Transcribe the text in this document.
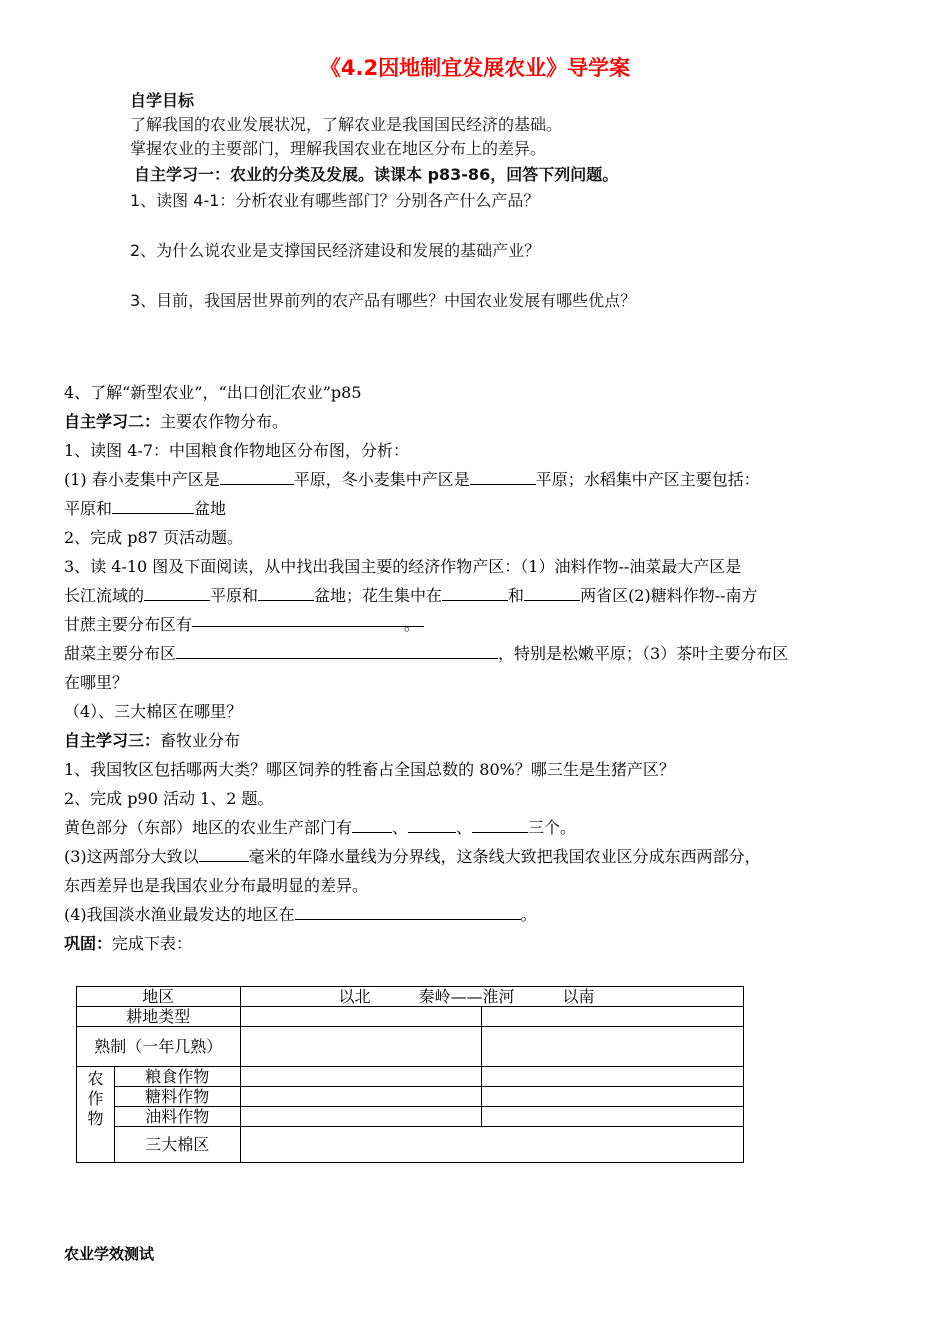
《4.2因地制宜发展农业》导学案
自学目标
了解我国的农业发展状况，了解农业是我国国民经济的基础。
掌握农业的主要部门，理解我国农业在地区分布上的差异。
自主学习一：农业的分类及发展。读课本 p83-86，回答下列问题。
1、读图 4-1：分析农业有哪些部门？分别各产什么产品？
2、为什么说农业是支撑国民经济建设和发展的基础产业？
3、目前，我国居世界前列的农产品有哪些？中国农业发展有哪些优点？
4、了解“新型农业”，“出口创汇农业”p85
自主学习二：主要农作物分布。
1、读图 4-7：中国粮食作物地区分布图，分析：
(1) 春小麦集中产区是	平原，冬小麦集中产区是	平原；水稻集中产区主要包括：
平原和	盆地
2、完成 p87 页活动题。
3、读 4-10 图及下面阅读，从中找出我国主要的经济作物产区：（1）油料作物--油菜最大产区是
长江流域的	平原和	盆地；花生集中在	和	两省区(2)糖料作物--南方
甘蔗主要分布区有	。
甜菜主要分布区	，特别是松嫩平原；（3）茶叶主要分布区
在哪里？
（4）、三大棉区在哪里？
自主学习三：畜牧业分布
1、我国牧区包括哪两大类？哪区饲养的牲畜占全国总数的 80%？哪三生是生猪产区？
2、完成 p90 活动 1、2 题。
黄色部分（东部）地区的农业生产部门有	、	、	三个。
(3)这两部分大致以	毫米的年降水量线为分界线，这条线大致把我国农业区分成东西两部分，
东西差异也是我国农业分布最明显的差异。
(4)我国淡水渔业最发达的地区在	。
巩固：完成下表：
地区		以北　　　秦岭——淮河　　　以南	
耕地类型			
熟制（一年几熟）			
农作物	粮食作物		
	糖料作物		
	油料作物		
	三大棉区		
农业学效测试
